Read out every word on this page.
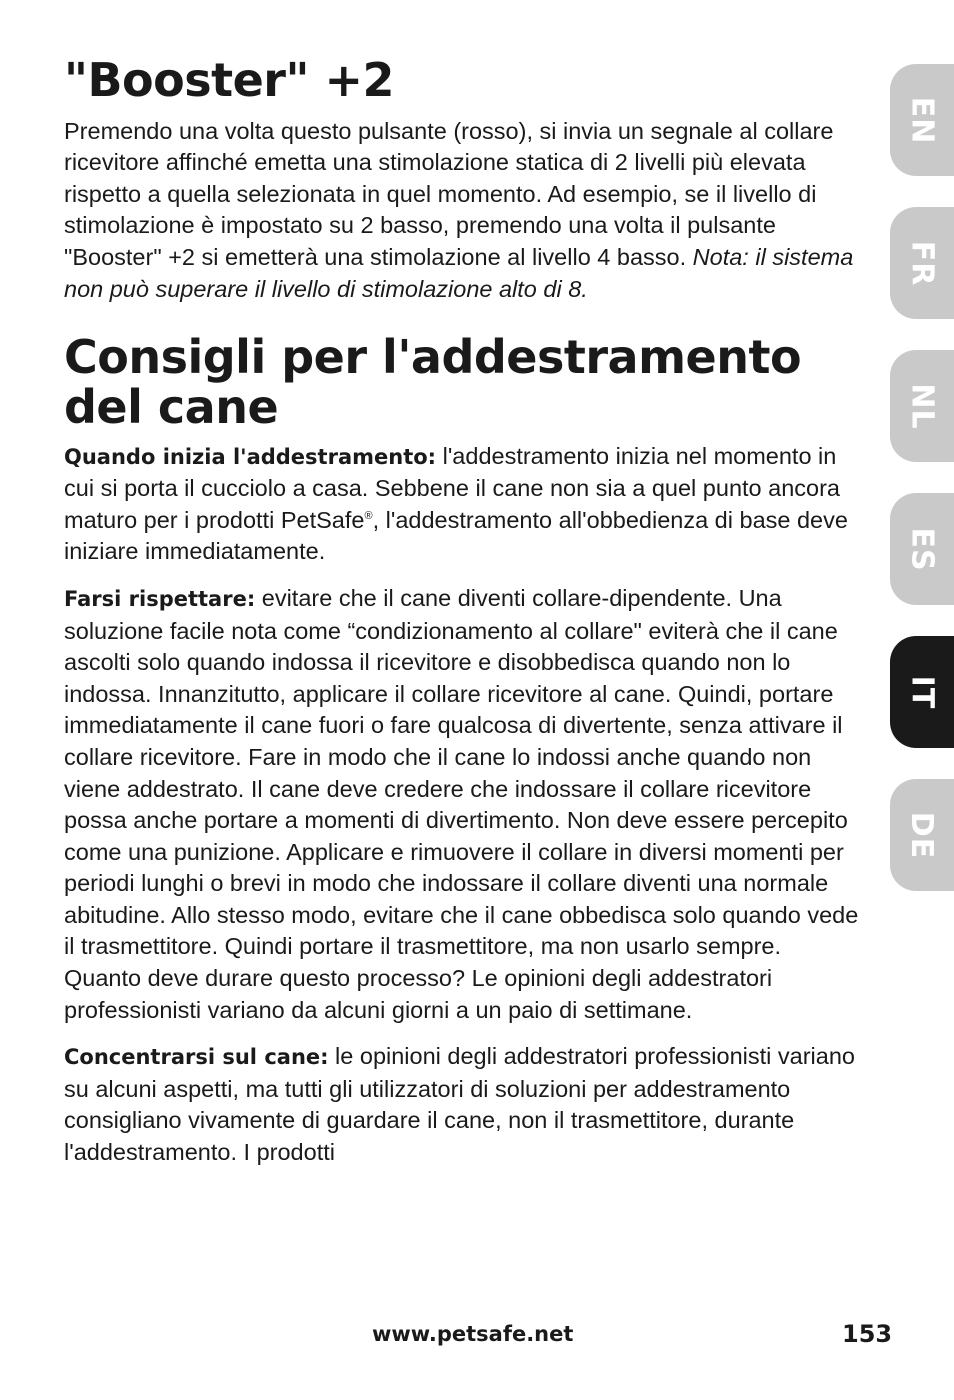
"Booster" +2

Premendo una volta questo pulsante (rosso), si invia un segnale al collare ricevitore affinché emetta una stimolazione statica di 2 livelli più elevata rispetto a quella selezionata in quel momento. Ad esempio, se il livello di stimolazione è impostato su 2 basso, premendo una volta il pulsante "Booster" +2 si emetterà una stimolazione al livello 4 basso. Nota: il sistema non può superare il livello di stimolazione alto di 8.

Consigli per l'addestramento del cane

Quando inizia l'addestramento: l'addestramento inizia nel momento in cui si porta il cucciolo a casa. Sebbene il cane non sia a quel punto ancora maturo per i prodotti PetSafe®, l'addestramento all'obbedienza di base deve iniziare immediatamente.

Farsi rispettare: evitare che il cane diventi collare-dipendente. Una soluzione facile nota come “condizionamento al collare" eviterà che il cane ascolti solo quando indossa il ricevitore e disobbedisca quando non lo indossa. Innanzitutto, applicare il collare ricevitore al cane. Quindi, portare immediatamente il cane fuori o fare qualcosa di divertente, senza attivare il collare ricevitore. Fare in modo che il cane lo indossi anche quando non viene addestrato. Il cane deve credere che indossare il collare ricevitore possa anche portare a momenti di divertimento. Non deve essere percepito come una punizione. Applicare e rimuovere il collare in diversi momenti per periodi lunghi o brevi in modo che indossare il collare diventi una normale abitudine. Allo stesso modo, evitare che il cane obbedisca solo quando vede il trasmettitore. Quindi portare il trasmettitore, ma non usarlo sempre. Quanto deve durare questo processo? Le opinioni degli addestratori professionisti variano da alcuni giorni a un paio di settimane.

Concentrarsi sul cane: le opinioni degli addestratori professionisti variano su alcuni aspetti, ma tutti gli utilizzatori di soluzioni per addestramento consigliano vivamente di guardare il cane, non il trasmettitore, durante l'addestramento. I prodotti

EN
FR
NL
ES
IT
DE
www.petsafe.net	153
